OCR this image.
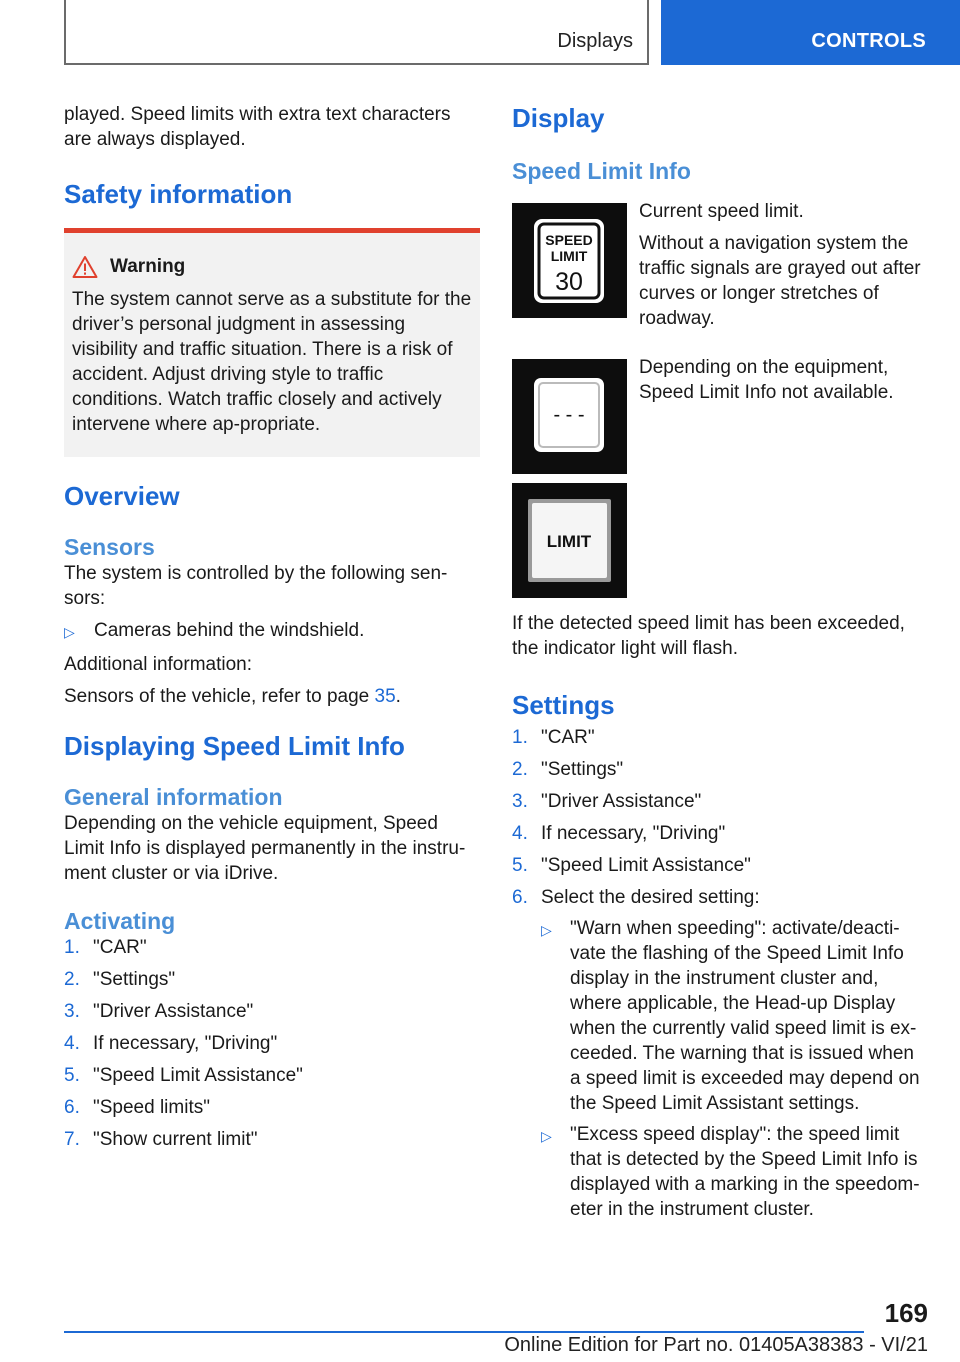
Displays	CONTROLS

played. Speed limits with extra text characters are always displayed.

Safety information
Warning

The system cannot serve as a substitute for the driver’s personal judgment in assessing visibility and traffic situation. There is a risk of accident. Adjust driving style to traffic conditions. Watch traffic closely and actively intervene where ap-propriate.

Overview
Sensors

The system is controlled by the following sen-sors:

▷	Cameras behind the windshield.

Additional information:

Sensors of the vehicle, refer to page 35.

Displaying Speed Limit Info
General information

Depending on the vehicle equipment, Speed Limit Info is displayed permanently in the instru-ment cluster or via iDrive.

Activating
1. "CAR"
2. "Settings"
3. "Driver Assistance"
4. If necessary, "Driving"
5. "Speed Limit Assistance"
6. "Speed limits"
7. "Show current limit"
Display
Speed Limit Info
SPEED
LIMIT
30

Current speed limit.

Without a navigation system the traffic signals are grayed out after curves or longer stretches of roadway.

- - -

Depending on the equipment, Speed Limit Info not available.

LIMIT

If the detected speed limit has been exceeded, the indicator light will flash.

Settings
1. "CAR"
2. "Settings"
3. "Driver Assistance"
4. If necessary, "Driving"
5. "Speed Limit Assistance"
6. Select the desired setting:
▷ "Warn when speeding": activate/deacti-vate the flashing of the Speed Limit Info display in the instrument cluster and, where applicable, the Head-up Display when the currently valid speed limit is ex-ceeded. The warning that is issued when a speed limit is exceeded may depend on the Speed Limit Assistant settings.
▷ "Excess speed display": the speed limit that is detected by the Speed Limit Info is displayed with a marking in the speedom-eter in the instrument cluster.
169
Online Edition for Part no. 01405A38383 - VI/21
